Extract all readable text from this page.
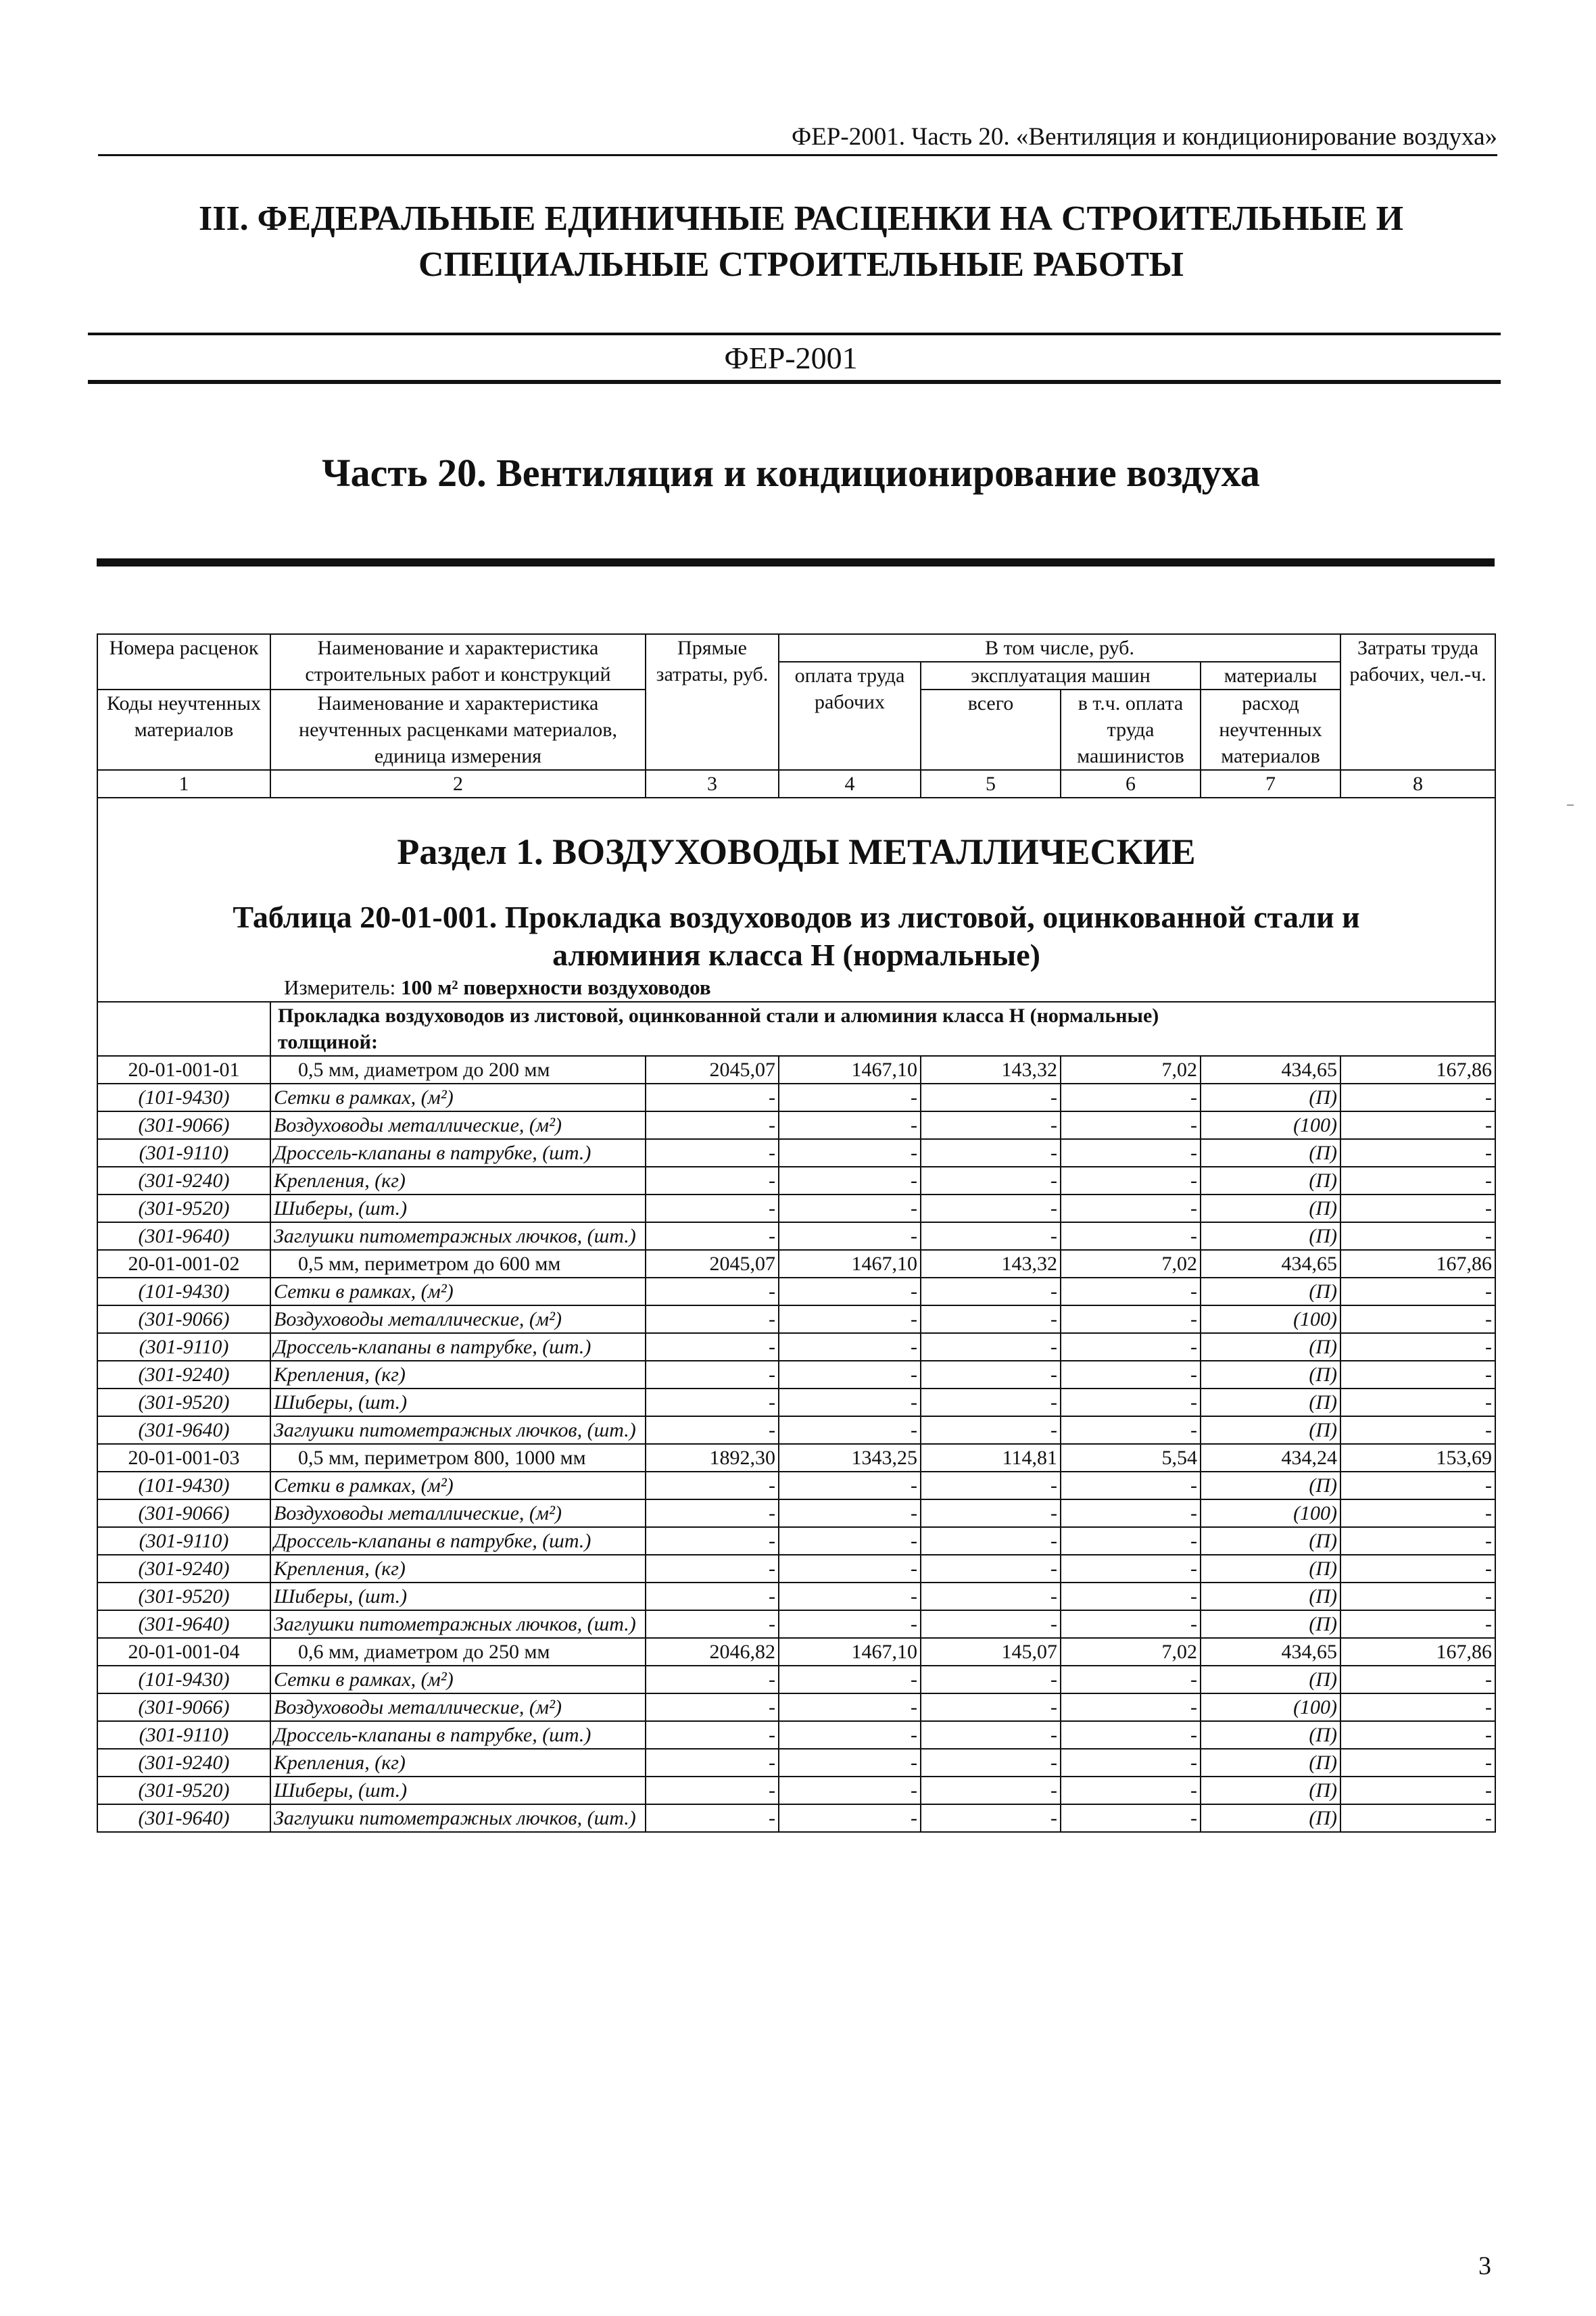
ФЕР-2001. Часть 20. «Вентиляция и кондиционирование воздуха»
III. ФЕДЕРАЛЬНЫЕ ЕДИНИЧНЫЕ РАСЦЕНКИ НА СТРОИТЕЛЬНЫЕ И
СПЕЦИАЛЬНЫЕ СТРОИТЕЛЬНЫЕ РАБОТЫ
ФЕР-2001
Часть 20. Вентиляция и кондиционирование воздуха
Номера расценок	Наименование и характеристика строительных работ и конструкций	Прямые затраты, руб.	В том числе, руб.				Затраты труда рабочих, чел.-ч.
			оплата труда рабочих	эксплуатация машин		материалы	
Коды неучтенных материалов	Наименование и характеристика неучтенных расценками материалов, единица измерения			всего	в т.ч. оплата труда машинистов	расход неучтенных материалов	

1	2	3	4	5	6	7	8

Раздел 1. ВОЗДУХОВОДЫ МЕТАЛЛИЧЕСКИЕ
Таблица 20-01-001. Прокладка воздуховодов из листовой, оцинкованной стали и
алюминия класса Н (нормальные)
Измеритель: 100 м² поверхности воздуховодов							

	Прокладка воздуховодов из листовой, оцинкованной стали и алюминия класса Н (нормальные)
толщиной:						

20-01-001-01	0,5 мм, диаметром до 200 мм	2045,07	1467,10	143,32	7,02	434,65	167,86
(101-9430)	Сетки в рамках, (м²)	-	-	-	-	(П)	-
(301-9066)	Воздуховоды металлические, (м²)	-	-	-	-	(100)	-
(301-9110)	Дроссель-клапаны в патрубке, (шт.)	-	-	-	-	(П)	-
(301-9240)	Крепления, (кг)	-	-	-	-	(П)	-
(301-9520)	Шиберы, (шт.)	-	-	-	-	(П)	-
(301-9640)	Заглушки питометражных лючков, (шт.)	-	-	-	-	(П)	-
20-01-001-02	0,5 мм, периметром до 600 мм	2045,07	1467,10	143,32	7,02	434,65	167,86
(101-9430)	Сетки в рамках, (м²)	-	-	-	-	(П)	-
(301-9066)	Воздуховоды металлические, (м²)	-	-	-	-	(100)	-
(301-9110)	Дроссель-клапаны в патрубке, (шт.)	-	-	-	-	(П)	-
(301-9240)	Крепления, (кг)	-	-	-	-	(П)	-
(301-9520)	Шиберы, (шт.)	-	-	-	-	(П)	-
(301-9640)	Заглушки питометражных лючков, (шт.)	-	-	-	-	(П)	-
20-01-001-03	0,5 мм, периметром 800, 1000 мм	1892,30	1343,25	114,81	5,54	434,24	153,69
(101-9430)	Сетки в рамках, (м²)	-	-	-	-	(П)	-
(301-9066)	Воздуховоды металлические, (м²)	-	-	-	-	(100)	-
(301-9110)	Дроссель-клапаны в патрубке, (шт.)	-	-	-	-	(П)	-
(301-9240)	Крепления, (кг)	-	-	-	-	(П)	-
(301-9520)	Шиберы, (шт.)	-	-	-	-	(П)	-
(301-9640)	Заглушки питометражных лючков, (шт.)	-	-	-	-	(П)	-
20-01-001-04	0,6 мм, диаметром до 250 мм	2046,82	1467,10	145,07	7,02	434,65	167,86
(101-9430)	Сетки в рамках, (м²)	-	-	-	-	(П)	-
(301-9066)	Воздуховоды металлические, (м²)	-	-	-	-	(100)	-
(301-9110)	Дроссель-клапаны в патрубке, (шт.)	-	-	-	-	(П)	-
(301-9240)	Крепления, (кг)	-	-	-	-	(П)	-
(301-9520)	Шиберы, (шт.)	-	-	-	-	(П)	-
(301-9640)	Заглушки питометражных лючков, (шт.)	-	-	-	-	(П)	-
3
